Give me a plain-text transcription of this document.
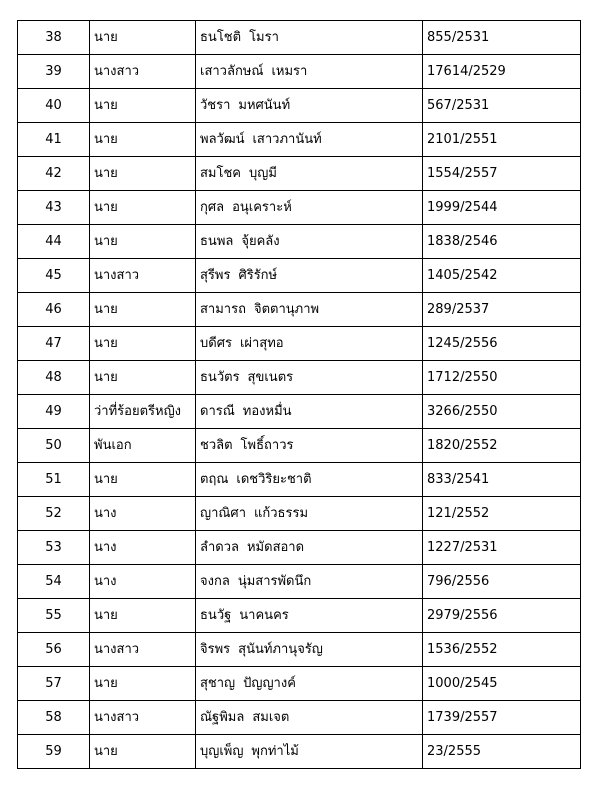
38	นาย	ธนโชติ โมรา	855/2531
39	นางสาว	เสาวลักษณ์ เหมรา	17614/2529
40	นาย	วัชรา มหศนันท์	567/2531
41	นาย	พลวัฒน์ เสาวภานันท์	2101/2551
42	นาย	สมโชค บุญมี	1554/2557
43	นาย	กุศล อนุเคราะห์	1999/2544
44	นาย	ธนพล จุ้ยคลัง	1838/2546
45	นางสาว	สุรีพร ศิริรักษ์	1405/2542
46	นาย	สามารถ จิตตานุภาพ	289/2537
47	นาย	บดีศร เผ่าสุทอ	1245/2556
48	นาย	ธนวัตร สุขเนตร	1712/2550
49	ว่าที่ร้อยตรีหญิง	ดารณี ทองหมื่น	3266/2550
50	พันเอก	ชวลิต โพธิ์ถาวร	1820/2552
51	นาย	ตฤณ เดชวิริยะชาติ	833/2541
52	นาง	ญาณิศา แก้วธรรม	121/2552
53	นาง	ลำดวล หมัดสอาด	1227/2531
54	นาง	จงกล นุ่มสารพัดนึก	796/2556
55	นาย	ธนวัฐ นาคนคร	2979/2556
56	นางสาว	จิรพร สุนันท์ภานุจรัญ	1536/2552
57	นาย	สุชาญ ปัญญางค์	1000/2545
58	นางสาว	ณัฐพิมล สมเจต	1739/2557
59	นาย	บุญเพ็ญ พุกท่าไม้	23/2555
